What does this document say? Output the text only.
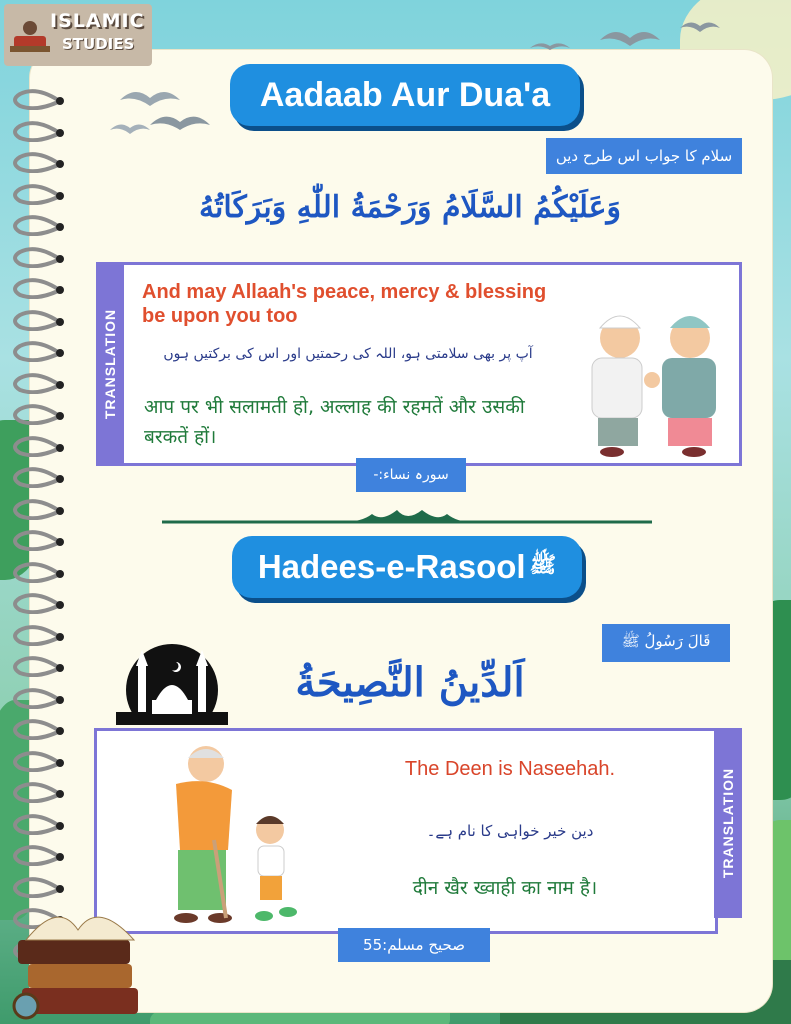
ISLAMIC
STUDIES
Aadaab Aur Dua'a
سلام کا جواب اس طرح دیں
وَعَلَيْكُمُ السَّلَامُ وَرَحْمَةُ اللّٰهِ وَبَرَكَاتُهُ
TRANSLATION
And may Allaah's peace, mercy & blessing be upon you too
آپ پر بھی سلامتی ہو، اللہ کی رحمتیں اور اس کی برکتیں ہوں
आप पर भी सलामती हो, अल्लाह की रहमतें और उसकी बरकतें हों।
سورہ نساء:-
Hadees-e-Rasool ﷺ
قَالَ رَسُولُ ﷺ
اَلدِّينُ النَّصِيحَةُ
TRANSLATION
The Deen is Naseehah.
دین خیر خواہی کا نام ہے۔
दीन खैर ख्वाही का नाम है।
صحیح مسلم:55
